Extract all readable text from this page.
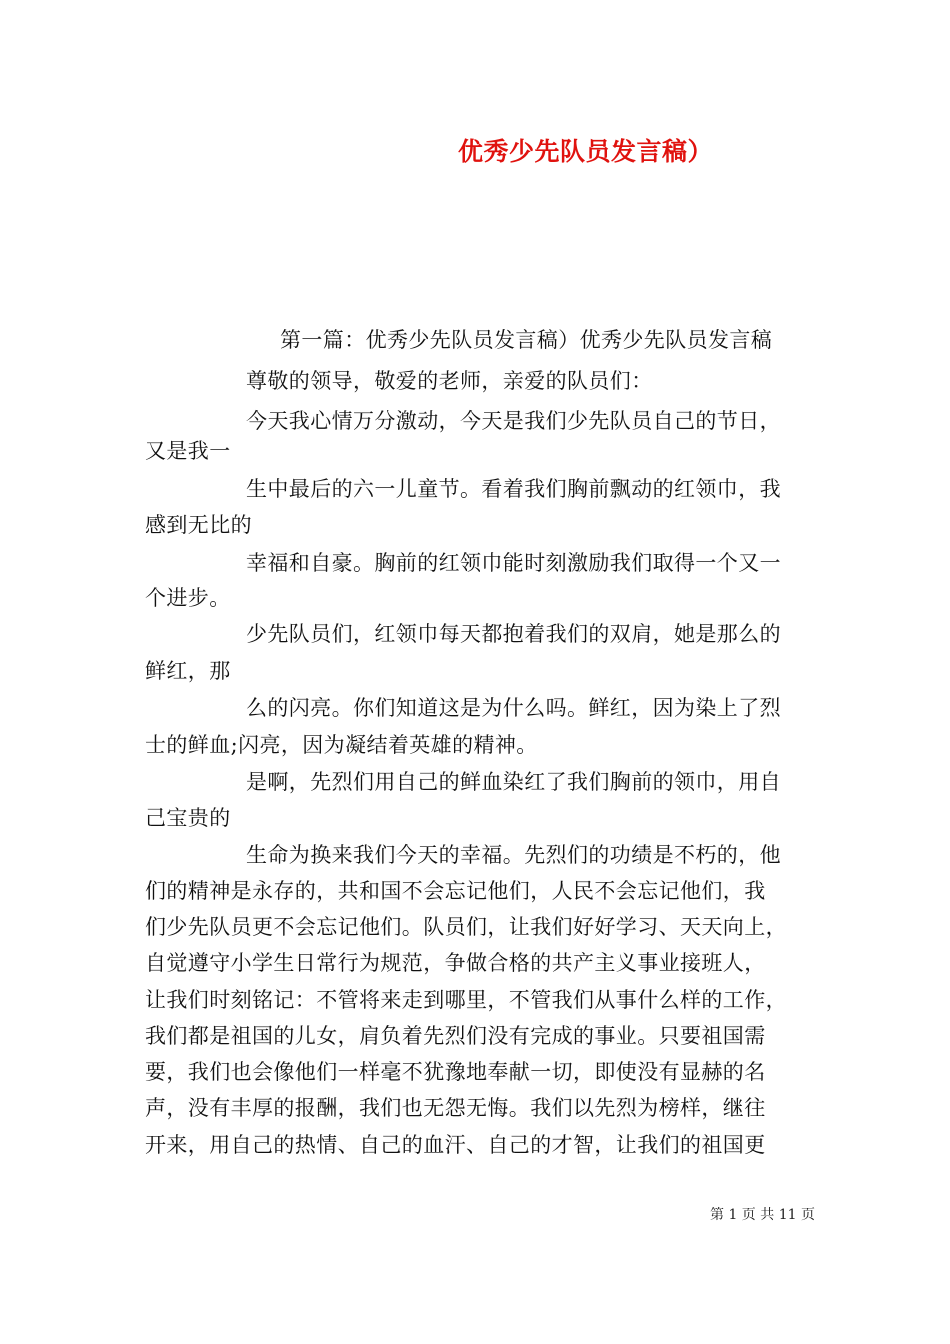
优秀少先队员发言稿）
第一篇：优秀少先队员发言稿）优秀少先队员发言稿
尊敬的领导，敬爱的老师，亲爱的队员们：
今天我心情万分激动，今天是我们少先队员自己的节日，
又是我一
生中最后的六一儿童节。看着我们胸前飘动的红领巾，我
感到无比的
幸福和自豪。胸前的红领巾能时刻激励我们取得一个又一
个进步。
少先队员们，红领巾每天都抱着我们的双肩，她是那么的
鲜红，那
么的闪亮。你们知道这是为什么吗。鲜红，因为染上了烈
士的鲜血;闪亮，因为凝结着英雄的精神。
是啊，先烈们用自己的鲜血染红了我们胸前的领巾，用自
己宝贵的
生命为换来我们今天的幸福。先烈们的功绩是不朽的，他
们的精神是永存的，共和国不会忘记他们，人民不会忘记他们，我
们少先队员更不会忘记他们。队员们，让我们好好学习、天天向上，
自觉遵守小学生日常行为规范，争做合格的共产主义事业接班人，
让我们时刻铭记：不管将来走到哪里，不管我们从事什么样的工作，
我们都是祖国的儿女，肩负着先烈们没有完成的事业。只要祖国需
要，我们也会像他们一样毫不犹豫地奉献一切，即使没有显赫的名
声，没有丰厚的报酬，我们也无怨无悔。我们以先烈为榜样，继往
开来，用自己的热情、自己的血汗、自己的才智，让我们的祖国更
第 1 页 共 11 页
